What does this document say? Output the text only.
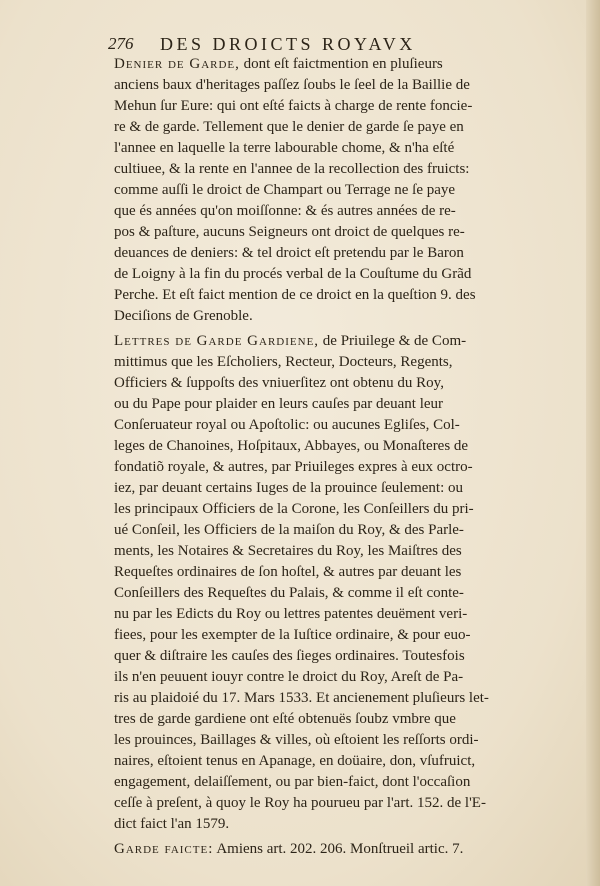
276 DES DROICTS ROYAVX
Denier de Garde, dont eſt faictmention en pluſieurs
anciens baux d'heritages paſſez ſoubs le ſeel de la Baillie de
Mehun ſur Eure: qui ont eſté faicts à charge de rente foncie-
re & de garde. Tellement que le denier de garde ſe paye en
l'annee en laquelle la terre labourable chome, & n'ha eſté
cultiuee, & la rente en l'annee de la recollection des fruicts:
comme auſſi le droict de Champart ou Terrage ne ſe paye
que és années qu'on moiſſonne: & és autres années de re-
pos & paſture, aucuns Seigneurs ont droict de quelques re-
deuances de deniers: & tel droict eſt pretendu par le Baron
de Loigny à la fin du procés verbal de la Couſtume du Grãd
Perche. Et eſt faict mention de ce droict en la queſtion 9. des
Deciſions de Grenoble.
Lettres de Garde Gardiene, de Priuilege & de Com-
mittimus que les Eſcholiers, Recteur, Docteurs, Regents,
Officiers & ſuppoſts des vniuerſitez ont obtenu du Roy,
ou du Pape pour plaider en leurs cauſes par deuant leur
Conſeruateur royal ou Apoſtolic: ou aucunes Egliſes, Col-
leges de Chanoines, Hoſpitaux, Abbayes, ou Monaſteres de
fondatiõ royale, & autres, par Priuileges expres à eux octro-
iez, par deuant certains Iuges de la prouince ſeulement: ou
les principaux Officiers de la Corone, les Conſeillers du pri-
ué Conſeil, les Officiers de la maiſon du Roy, & des Parle-
ments, les Notaires & Secretaires du Roy, les Maiſtres des
Requeſtes ordinaires de ſon hoſtel, & autres par deuant les
Conſeillers des Requeſtes du Palais, & comme il eſt conte-
nu par les Edicts du Roy ou lettres patentes deuëment veri-
fiees, pour les exempter de la Iuſtice ordinaire, & pour euo-
quer & diſtraire les cauſes des ſieges ordinaires. Toutesfois
ils n'en peuuent iouyr contre le droict du Roy, Areſt de Pa-
ris au plaidoié du 17. Mars 1533. Et ancienement pluſieurs let-
tres de garde gardiene ont eſté obtenuës ſoubz vmbre que
les prouinces, Baillages & villes, où eſtoient les reſſorts ordi-
naires, eſtoient tenus en Apanage, en doüaire, don, vſufruict,
engagement, delaiſſement, ou par bien-faict, dont l'occaſion
ceſſe à preſent, à quoy le Roy ha pourueu par l'art. 152. de l'E-
dict faict l'an 1579.
Garde faicte: Amiens art. 202. 206. Monſtrueil artic. 7.
